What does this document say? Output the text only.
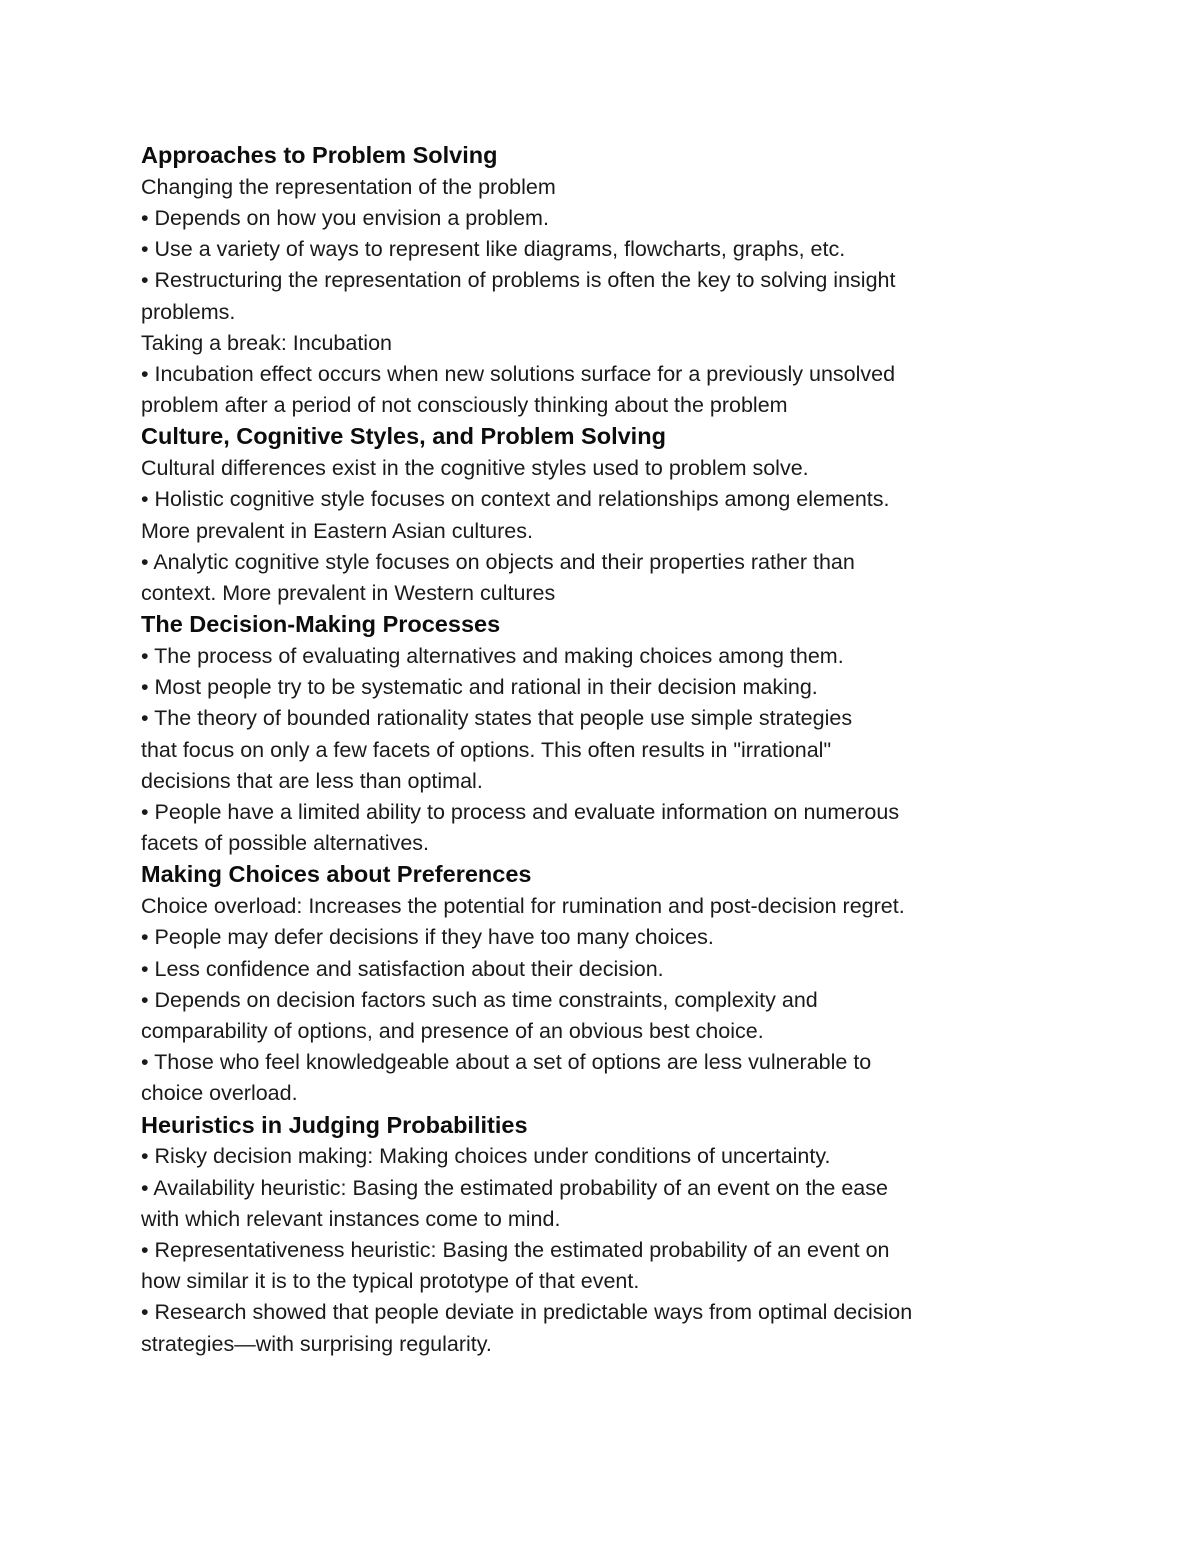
Approaches to Problem Solving

Changing the representation of the problem

• Depends on how you envision a problem.

• Use a variety of ways to represent like diagrams, flowcharts, graphs, etc.

• Restructuring the representation of problems is often the key to solving insight

problems.

Taking a break: Incubation

• Incubation effect occurs when new solutions surface for a previously unsolved

problem after a period of not consciously thinking about the problem

Culture, Cognitive Styles, and Problem Solving

Cultural differences exist in the cognitive styles used to problem solve.

• Holistic cognitive style focuses on context and relationships among elements.

More prevalent in Eastern Asian cultures.

• Analytic cognitive style focuses on objects and their properties rather than

context. More prevalent in Western cultures

The Decision-Making Processes

• The process of evaluating alternatives and making choices among them.

• Most people try to be systematic and rational in their decision making.

• The theory of bounded rationality states that people use simple strategies

that focus on only a few facets of options. This often results in "irrational"

decisions that are less than optimal.

• People have a limited ability to process and evaluate information on numerous

facets of possible alternatives.

Making Choices about Preferences

Choice overload: Increases the potential for rumination and post-decision regret.

• People may defer decisions if they have too many choices.

• Less confidence and satisfaction about their decision.

• Depends on decision factors such as time constraints, complexity and

comparability of options, and presence of an obvious best choice.

• Those who feel knowledgeable about a set of options are less vulnerable to

choice overload.

Heuristics in Judging Probabilities

• Risky decision making: Making choices under conditions of uncertainty.

• Availability heuristic: Basing the estimated probability of an event on the ease

with which relevant instances come to mind.

• Representativeness heuristic: Basing the estimated probability of an event on

how similar it is to the typical prototype of that event.

• Research showed that people deviate in predictable ways from optimal decision

strategies—with surprising regularity.
